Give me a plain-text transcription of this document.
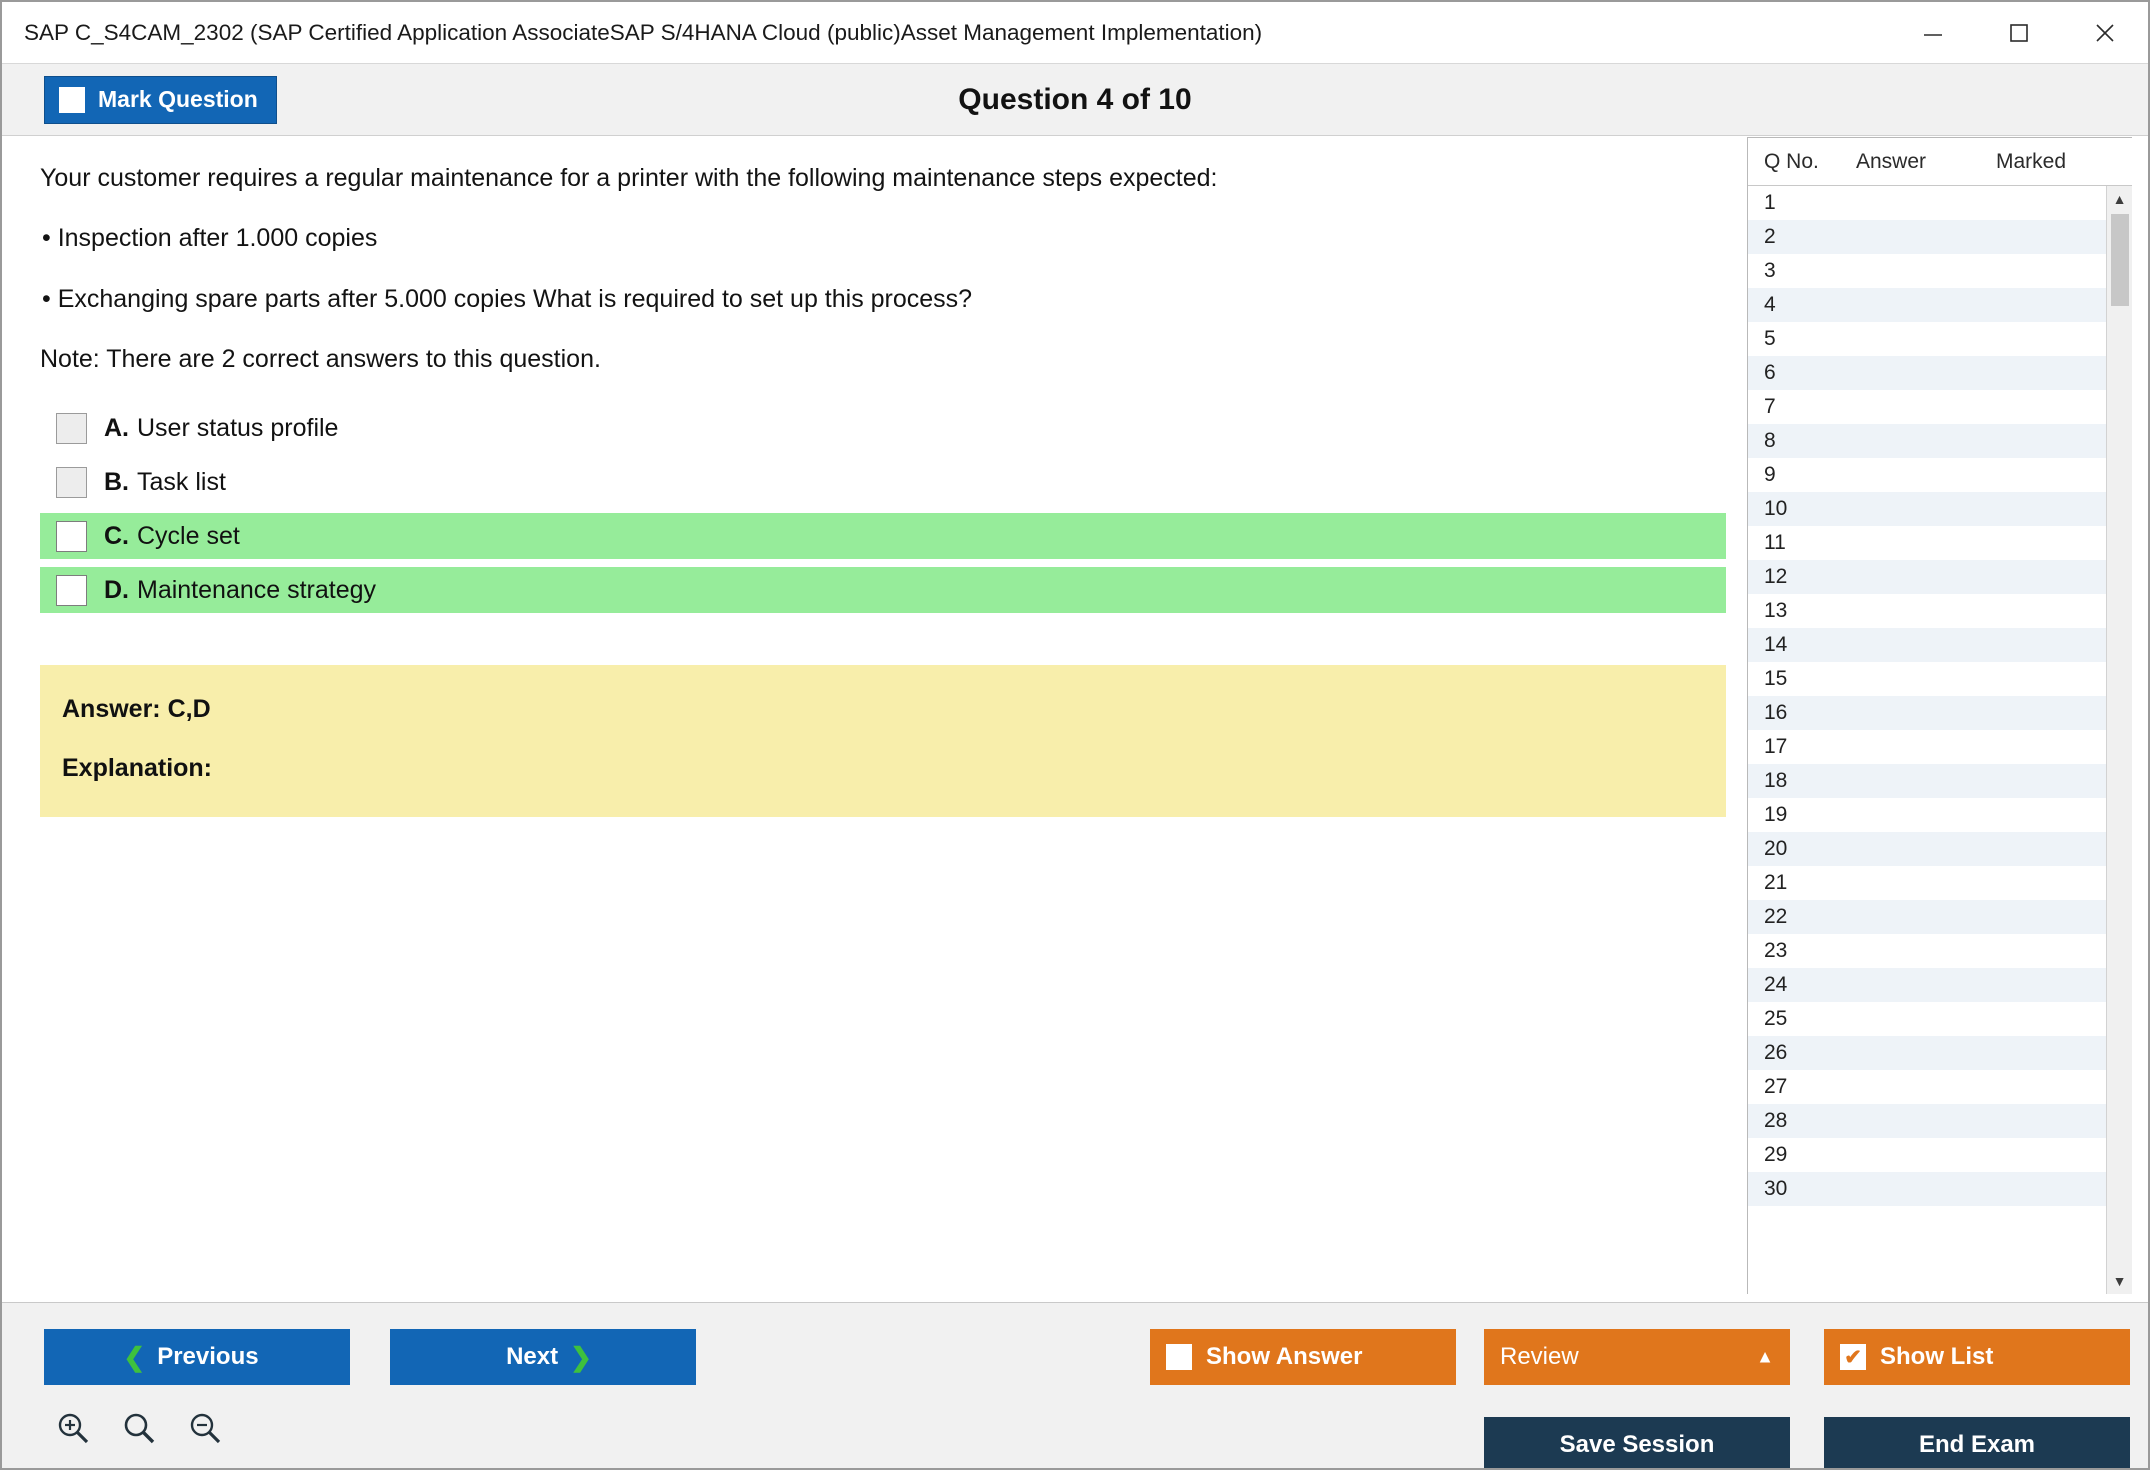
SAP C_S4CAM_2302 (SAP Certified Application AssociateSAP S/4HANA Cloud (public)Asset Management Implementation)
Mark Question	Question 4 of 10
Your customer requires a regular maintenance for a printer with the following maintenance steps expected:
• Inspection after 1.000 copies
• Exchanging spare parts after 5.000 copies What is required to set up this process?
Note: There are 2 correct answers to this question.
A. User status profile
B. Task list
C. Cycle set
D. Maintenance strategy
Answer: C,D
Explanation:
Q No.	Answer	Marked
1
2
3
4
5
6
7
8
9
10
11
12
13
14
15
16
17
18
19
20
21
22
23
24
25
26
27
28
29
30
▲
▼
❮ Previous	Next ❯	Show Answer	Review	▲ ✔	Show List
Save Session	End Exam
